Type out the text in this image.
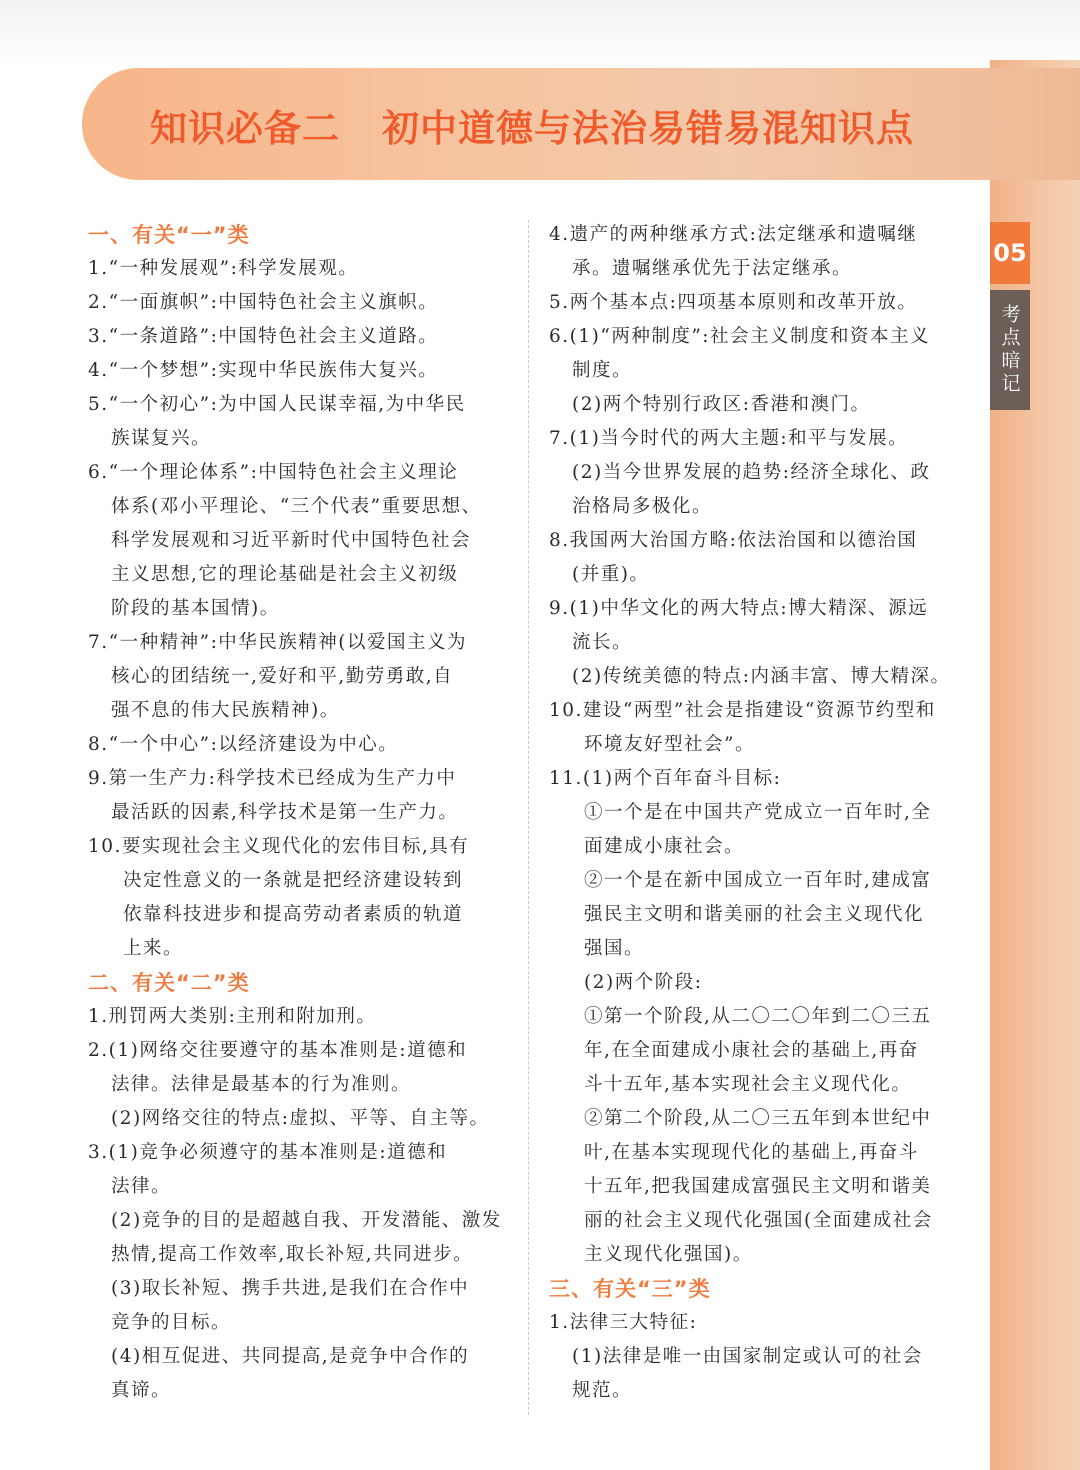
知识必备二 初中道德与法治易错易混知识点
05
考点暗记
一、有关“一”类
1.“一种发展观”:科学发展观。
2.“一面旗帜”:中国特色社会主义旗帜。
3.“一条道路”:中国特色社会主义道路。
4.“一个梦想”:实现中华民族伟大复兴。
5.“一个初心”:为中国人民谋幸福,为中华民
族谋复兴。
6.“一个理论体系”:中国特色社会主义理论
体系(邓小平理论、“三个代表”重要思想、
科学发展观和习近平新时代中国特色社会
主义思想,它的理论基础是社会主义初级
阶段的基本国情)。
7.“一种精神”:中华民族精神(以爱国主义为
核心的团结统一,爱好和平,勤劳勇敢,自
强不息的伟大民族精神)。
8.“一个中心”:以经济建设为中心。
9.第一生产力:科学技术已经成为生产力中
最活跃的因素,科学技术是第一生产力。
10.要实现社会主义现代化的宏伟目标,具有
决定性意义的一条就是把经济建设转到
依靠科技进步和提高劳动者素质的轨道
上来。
二、有关“二”类
1.刑罚两大类别:主刑和附加刑。
2.(1)网络交往要遵守的基本准则是:道德和
法律。法律是最基本的行为准则。
(2)网络交往的特点:虚拟、平等、自主等。
3.(1)竞争必须遵守的基本准则是:道德和
法律。
(2)竞争的目的是超越自我、开发潜能、激发
热情,提高工作效率,取长补短,共同进步。
(3)取长补短、携手共进,是我们在合作中
竞争的目标。
(4)相互促进、共同提高,是竞争中合作的
真谛。
4.遗产的两种继承方式:法定继承和遗嘱继
承。遗嘱继承优先于法定继承。
5.两个基本点:四项基本原则和改革开放。
6.(1)“两种制度”:社会主义制度和资本主义
制度。
(2)两个特别行政区:香港和澳门。
7.(1)当今时代的两大主题:和平与发展。
(2)当今世界发展的趋势:经济全球化、政
治格局多极化。
8.我国两大治国方略:依法治国和以德治国
(并重)。
9.(1)中华文化的两大特点:博大精深、源远
流长。
(2)传统美德的特点:内涵丰富、博大精深。
10.建设“两型”社会是指建设“资源节约型和
环境友好型社会”。
11.(1)两个百年奋斗目标:
①一个是在中国共产党成立一百年时,全
面建成小康社会。
②一个是在新中国成立一百年时,建成富
强民主文明和谐美丽的社会主义现代化
强国。
(2)两个阶段:
①第一个阶段,从二〇二〇年到二〇三五
年,在全面建成小康社会的基础上,再奋
斗十五年,基本实现社会主义现代化。
②第二个阶段,从二〇三五年到本世纪中
叶,在基本实现现代化的基础上,再奋斗
十五年,把我国建成富强民主文明和谐美
丽的社会主义现代化强国(全面建成社会
主义现代化强国)。
三、有关“三”类
1.法律三大特征:
(1)法律是唯一由国家制定或认可的社会
规范。
